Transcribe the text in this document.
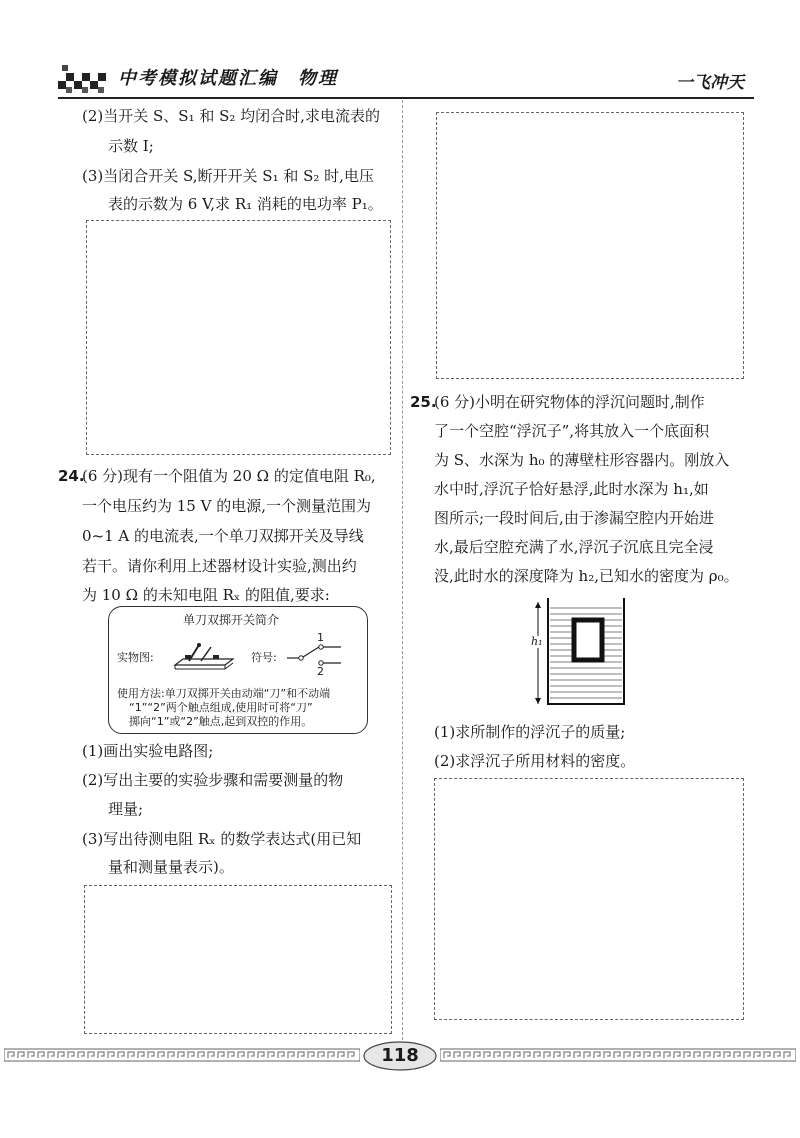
中考模拟试题汇编　物理	一飞冲天
(2)当开关 S、S₁ 和 S₂ 均闭合时,求电流表的
示数 I;
(3)当闭合开关 S,断开开关 S₁ 和 S₂ 时,电压
表的示数为 6 V,求 R₁ 消耗的电功率 P₁。
24.
(6 分)现有一个阻值为 20 Ω 的定值电阻 R₀,
一个电压约为 15 V 的电源,一个测量范围为
0~1 A 的电流表,一个单刀双掷开关及导线
若干。请你利用上述器材设计实验,测出约
为 10 Ω 的未知电阻 Rₓ 的阻值,要求:
单刀双掷开关简介
实物图:	符号:
1
2
使用方法:单刀双掷开关由动端“刀”和不动端
“1”“2”两个触点组成,使用时可将“刀”
掷向“1”或“2”触点,起到双控的作用。
(1)画出实验电路图;
(2)写出主要的实验步骤和需要测量的物
理量;
(3)写出待测电阻 Rₓ 的数学表达式(用已知
量和测量量表示)。
25.
(6 分)小明在研究物体的浮沉问题时,制作
了一个空腔“浮沉子”,将其放入一个底面积
为 S、水深为 h₀ 的薄壁柱形容器内。刚放入
水中时,浮沉子恰好悬浮,此时水深为 h₁,如
图所示;一段时间后,由于渗漏空腔内开始进
水,最后空腔充满了水,浮沉子沉底且完全浸
没,此时水的深度降为 h₂,已知水的密度为 ρ₀。
h₁
(1)求所制作的浮沉子的质量;
(2)求浮沉子所用材料的密度。
118
